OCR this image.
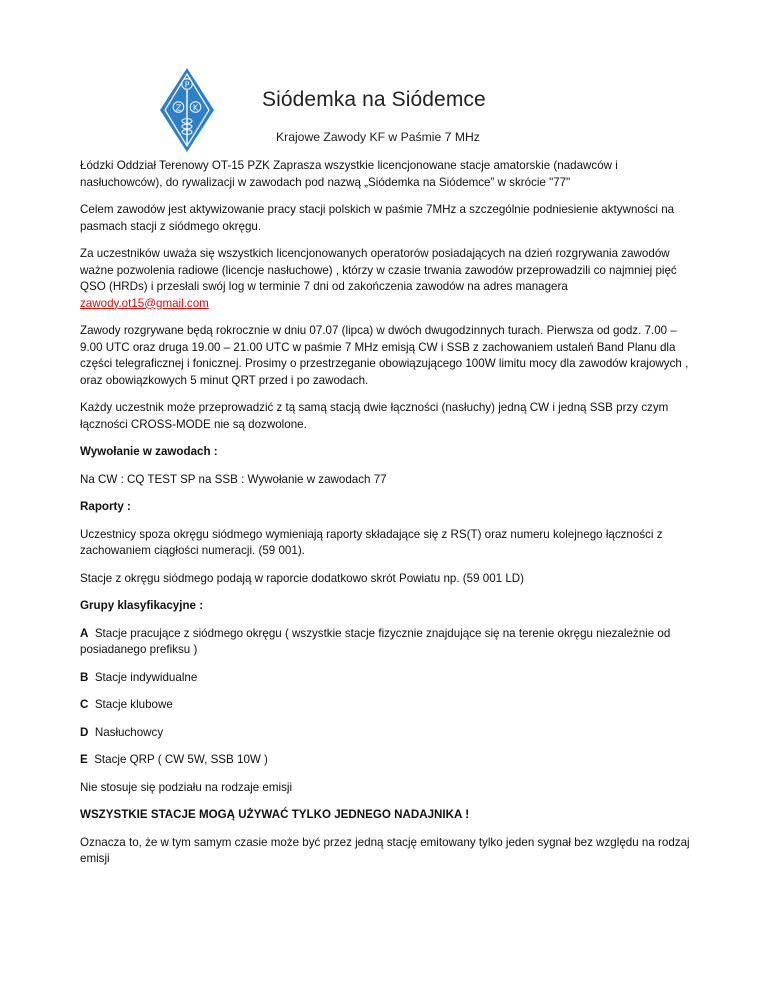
P
Z K	Siódemka na Siódemce
Krajowe Zawody KF w Paśmie 7 MHz

Łódzki Oddział Terenowy OT-15 PZK Zaprasza wszystkie licencjonowane stacje amatorskie (nadawców i nasłuchowców), do rywalizacji w zawodach pod nazwą „Siódemka na Siódemce” w skrócie "77"

Celem zawodów jest aktywizowanie pracy stacji polskich w paśmie 7MHz a szczególnie podniesienie aktywności na pasmach stacji z siódmego okręgu.

Za uczestników uważa się wszystkich licencjonowanych operatorów posiadających na dzień rozgrywania zawodów ważne pozwolenia radiowe (licencje nasłuchowe) , którzy w czasie trwania zawodów przeprowadzili co najmniej pięć QSO (HRDs) i przesłali swój log w terminie 7 dni od zakończenia zawodów na adres managera zawody.ot15@gmail.com

Zawody rozgrywane będą rokrocznie w dniu 07.07 (lipca) w dwóch dwugodzinnych turach. Pierwsza od godz. 7.00 – 9.00 UTC oraz druga 19.00 – 21.00 UTC w paśmie 7 MHz emisją CW i SSB z zachowaniem ustaleń Band Planu dla części telegraficznej i fonicznej. Prosimy o przestrzeganie obowiązującego 100W limitu mocy dla zawodów krajowych , oraz obowiązkowych 5 minut QRT przed i po zawodach.

Każdy uczestnik może przeprowadzić z tą samą stacją dwie łączności (nasłuchy) jedną CW i jedną SSB przy czym łączności CROSS-MODE nie są dozwolone.

Wywołanie w zawodach :

Na CW : CQ TEST SP na SSB : Wywołanie w zawodach 77

Raporty :

Uczestnicy spoza okręgu siódmego wymieniają raporty składające się z RS(T) oraz numeru kolejnego łączności z zachowaniem ciągłości numeracji. (59 001).

Stacje z okręgu siódmego podają w raporcie dodatkowo skrót Powiatu np. (59 001 LD)

Grupy klasyfikacyjne :

A Stacje pracujące z siódmego okręgu ( wszystkie stacje fizycznie znajdujące się na terenie okręgu niezależnie od posiadanego prefiksu )

B Stacje indywidualne

C Stacje klubowe

D Nasłuchowcy

E Stacje QRP ( CW 5W, SSB 10W )

Nie stosuje się podziału na rodzaje emisji

WSZYSTKIE STACJE MOGĄ UŻYWAĆ TYLKO JEDNEGO NADAJNIKA !

Oznacza to, że w tym samym czasie może być przez jedną stację emitowany tylko jeden sygnał bez względu na rodzaj emisji
